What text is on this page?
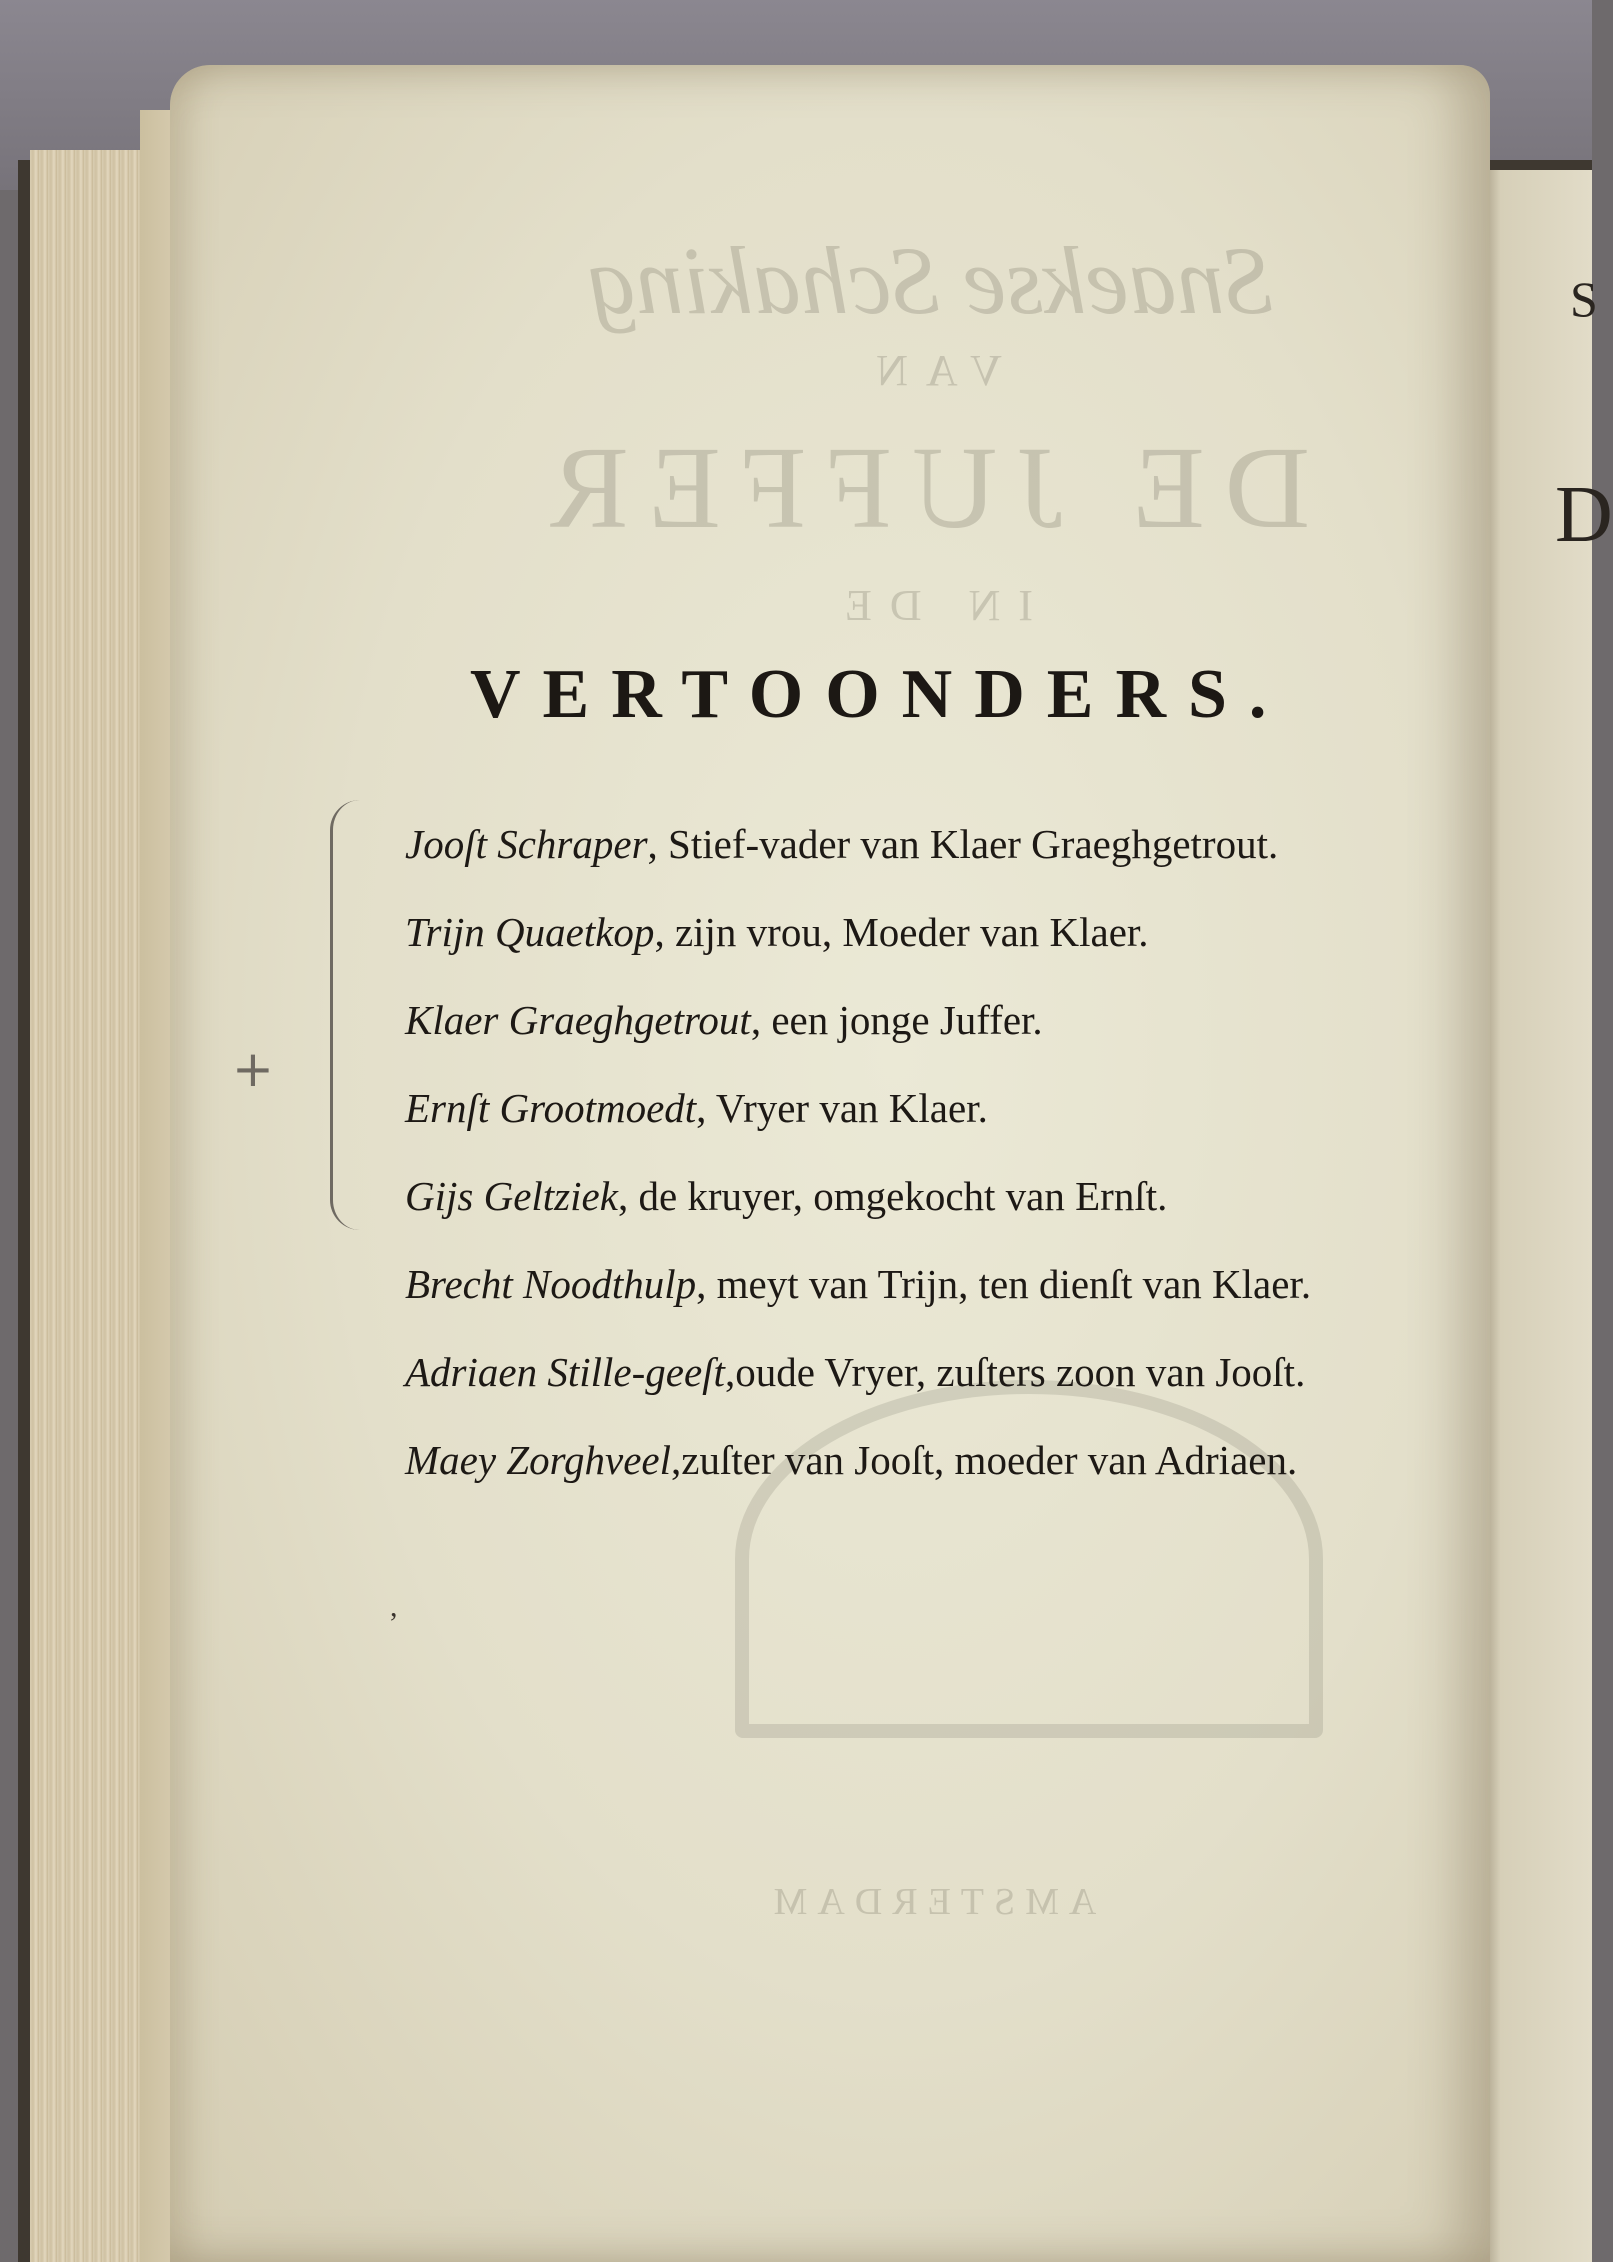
Snaekse Schaking
VAN
DE JUFFER
IN DE
AMSTERDAM
S
D
VERTOONDERS.
+
,
Jooſt Schraper, Stief-vader van Klaer Graeghgetrout.
Trijn Quaetkop, zijn vrou, Moeder van Klaer.
Klaer Graeghgetrout, een jonge Juffer.
Ernſt Grootmoedt, Vryer van Klaer.
Gijs Geltziek, de kruyer, omgekocht van Ernſt.
Brecht Noodthulp, meyt van Trijn, ten dienſt van Klaer.
Adriaen Stille-geeſt,oude Vryer, zuſters zoon van Jooſt.
Maey Zorghveel,zuſter van Jooſt, moeder van Adriaen.
